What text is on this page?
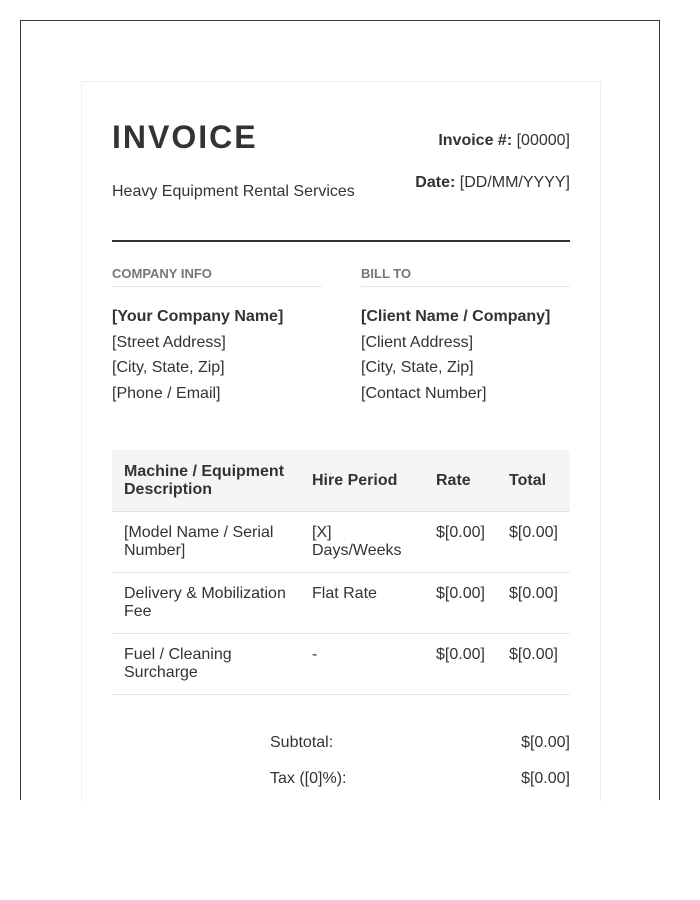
INVOICE
Heavy Equipment Rental Services
Invoice #: [00000]
Date: [DD/MM/YYYY]
COMPANY INFO	BILL TO
[Your Company Name]
[Street Address]
[City, State, Zip]
[Phone / Email]
[Client Name / Company]
[Client Address]
[City, State, Zip]
[Contact Number]
Machine / Equipment Description	Hire Period	Rate	Total
[Model Name / Serial Number]	[X] Days/Weeks	$[0.00]	$[0.00]
Delivery & Mobilization Fee	Flat Rate	$[0.00]	$[0.00]
Fuel / Cleaning Surcharge	-	$[0.00]	$[0.00]
Subtotal:	$[0.00]
Tax ([0]%):	$[0.00]
